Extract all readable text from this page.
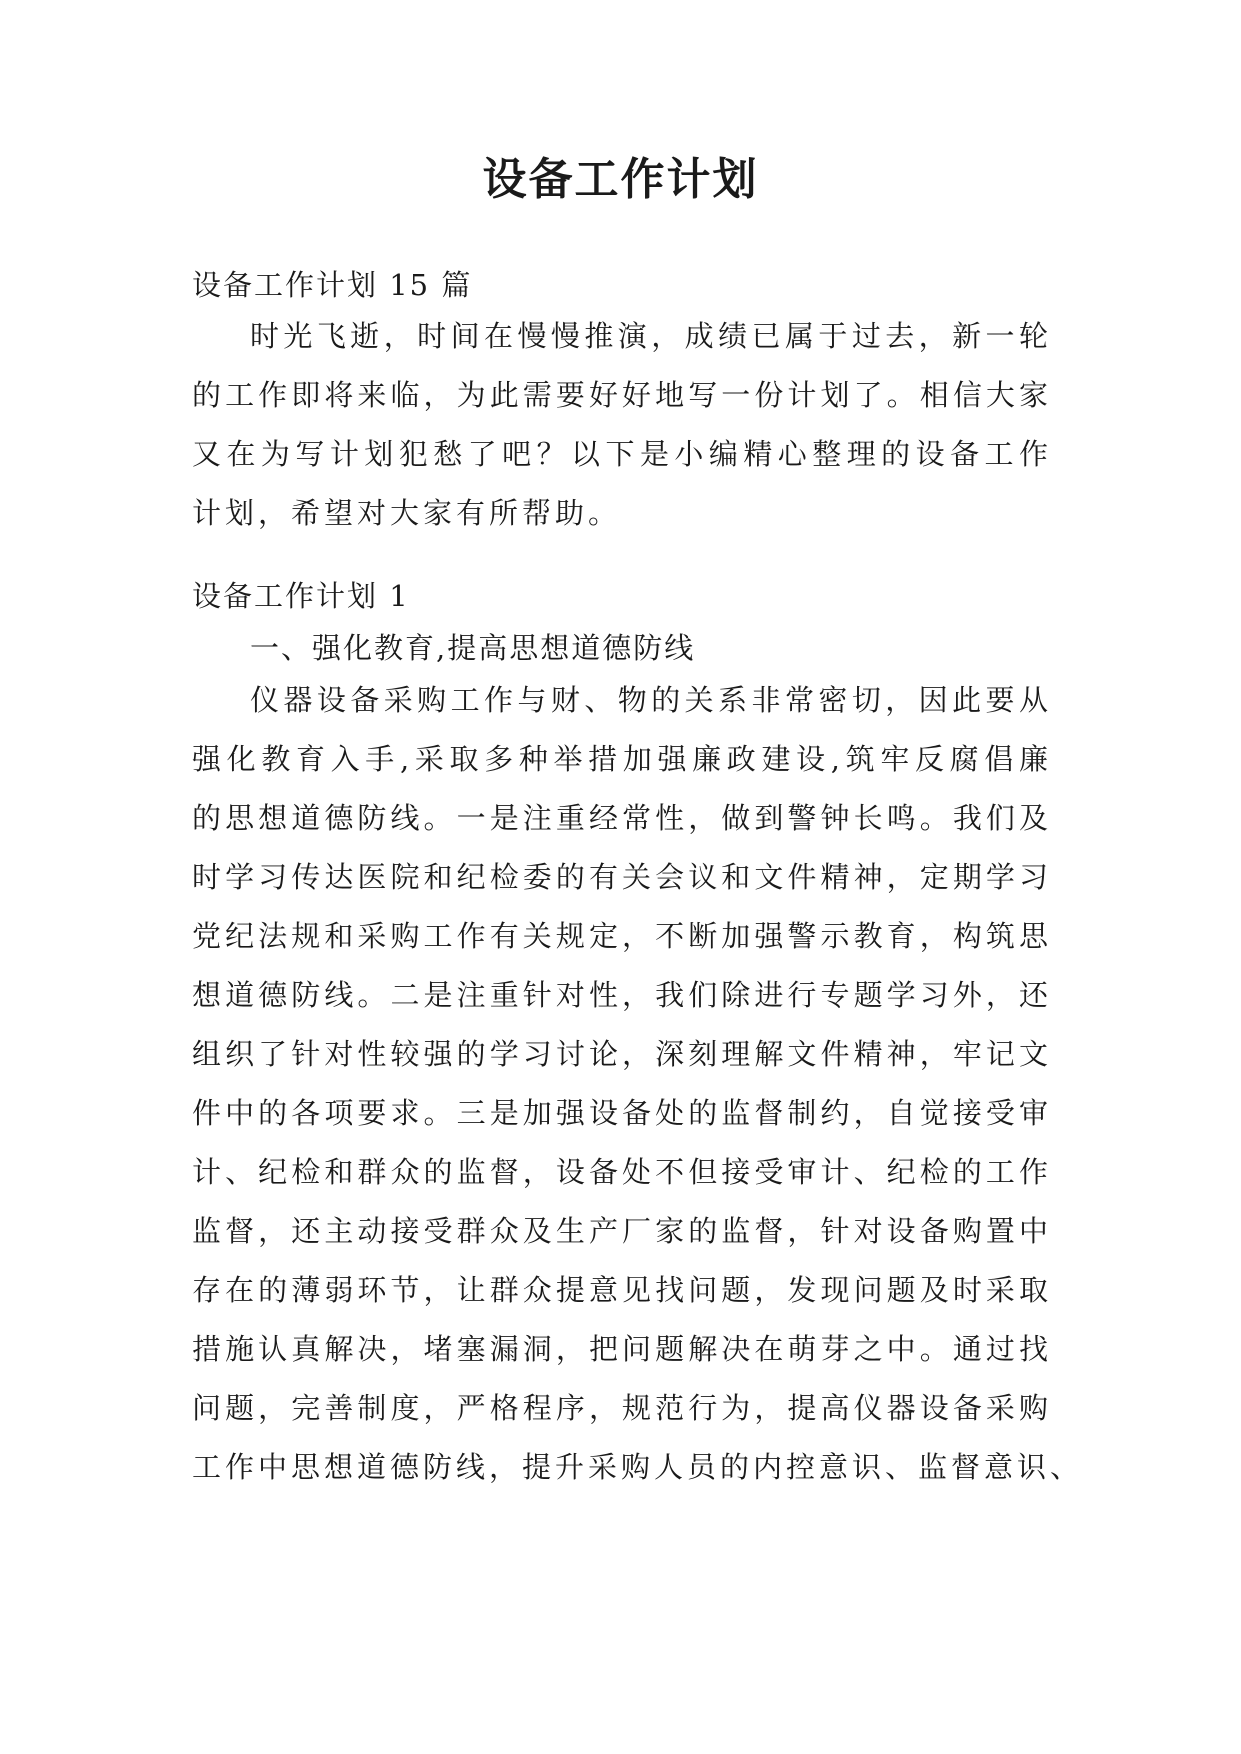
设备工作计划

设备工作计划 15 篇

时光飞逝，时间在慢慢推演，成绩已属于过去，新一轮

的工作即将来临，为此需要好好地写一份计划了。相信大家

又在为写计划犯愁了吧？以下是小编精心整理的设备工作

计划，希望对大家有所帮助。

设备工作计划 1

一、强化教育,提高思想道德防线

仪器设备采购工作与财、物的关系非常密切，因此要从

强化教育入手,采取多种举措加强廉政建设,筑牢反腐倡廉

的思想道德防线。一是注重经常性，做到警钟长鸣。我们及

时学习传达医院和纪检委的有关会议和文件精神，定期学习

党纪法规和采购工作有关规定，不断加强警示教育，构筑思

想道德防线。二是注重针对性，我们除进行专题学习外，还

组织了针对性较强的学习讨论，深刻理解文件精神，牢记文

件中的各项要求。三是加强设备处的监督制约，自觉接受审

计、纪检和群众的监督，设备处不但接受审计、纪检的工作

监督，还主动接受群众及生产厂家的监督，针对设备购置中

存在的薄弱环节，让群众提意见找问题，发现问题及时采取

措施认真解决，堵塞漏洞，把问题解决在萌芽之中。通过找

问题，完善制度，严格程序，规范行为，提高仪器设备采购

工作中思想道德防线，提升采购人员的内控意识、监督意识、
